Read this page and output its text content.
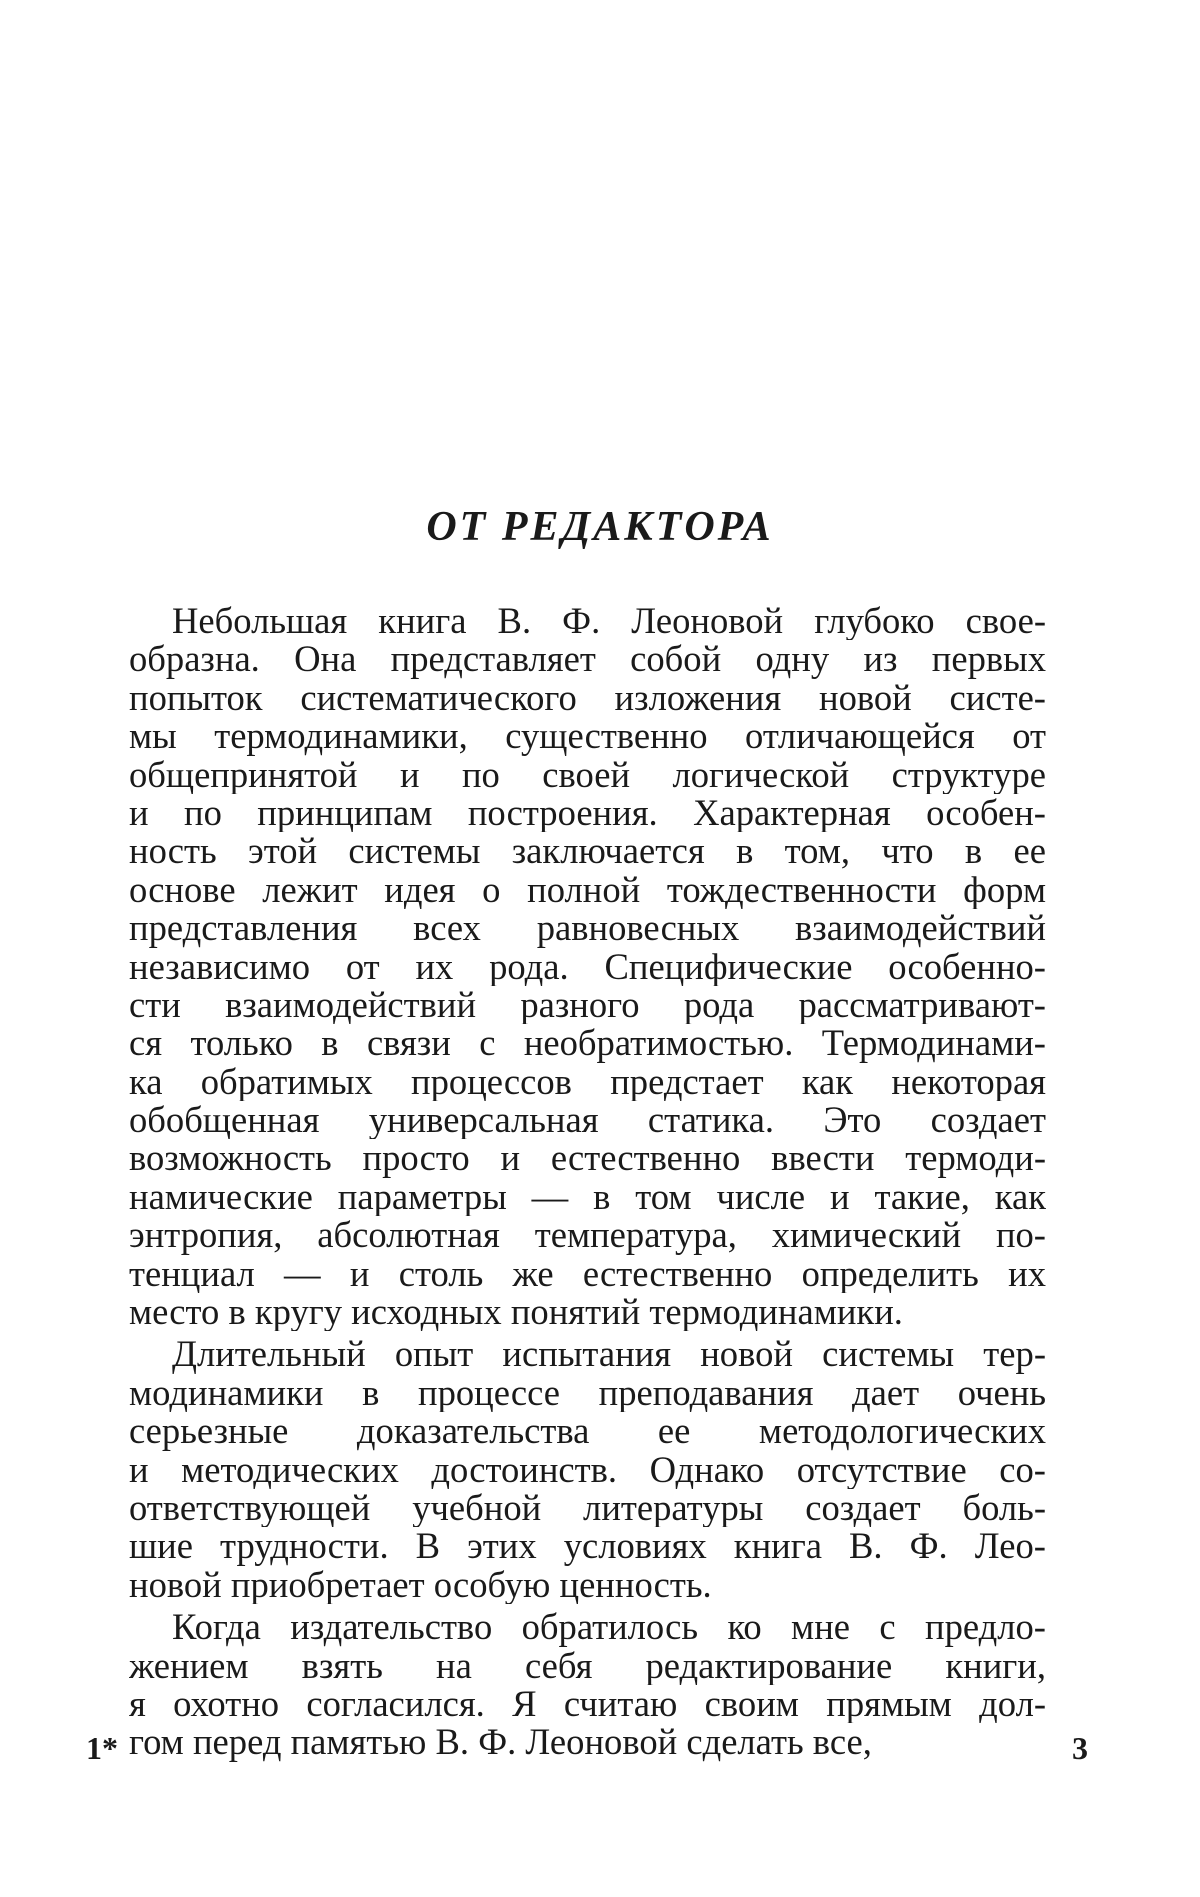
ОТ РЕДАКТОРА
Небольшая книга В. Ф. Леоновой глубоко свое-
образна. Она представляет собой одну из первых
попыток систематического изложения новой систе-
мы термодинамики, существенно отличающейся от
общепринятой и по своей логической структуре
и по принципам построения. Характерная особен-
ность этой системы заключается в том, что в ее
основе лежит идея о полной тождественности форм
представления всех равновесных взаимодействий
независимо от их рода. Специфические особенно-
сти взаимодействий разного рода рассматривают-
ся только в связи с необратимостью. Термодинами-
ка обратимых процессов предстает как некоторая
обобщенная универсальная статика. Это создает
возможность просто и естественно ввести термоди-
намические параметры — в том числе и такие, как
энтропия, абсолютная температура, химический по-
тенциал — и столь же естественно определить их
место в кругу исходных понятий термодинамики.
Длительный опыт испытания новой системы тер-
модинамики в процессе преподавания дает очень
серьезные доказательства ее методологических
и методических достоинств. Однако отсутствие со-
ответствующей учебной литературы создает боль-
шие трудности. В этих условиях книга В. Ф. Лео-
новой приобретает особую ценность.
Когда издательство обратилось ко мне с предло-
жением взять на себя редактирование книги,
я охотно согласился. Я считаю своим прямым дол-
гом перед памятью В. Ф. Леоновой сделать все,
1*	3
